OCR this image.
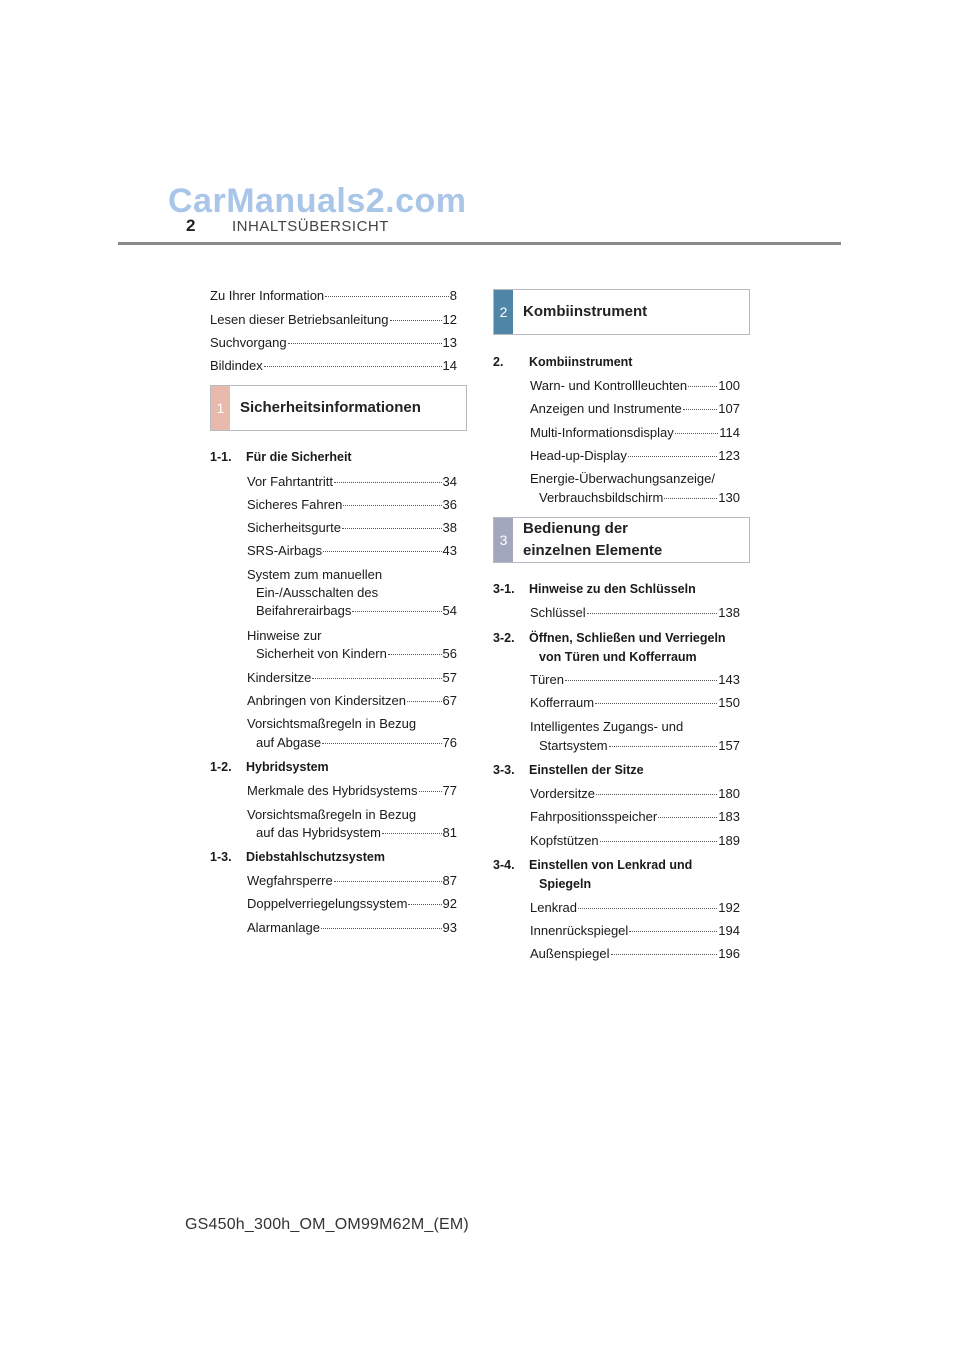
CarManuals2.com
2 INHALTSÜBERSICHT
Zu Ihrer Information	8
Lesen dieser Betriebsanleitung	12
Suchvorgang	13
Bildindex	14
1	Sicherheitsinformationen
1-1. Für die Sicherheit
Vor Fahrtantritt	34
Sicheres Fahren	36
Sicherheitsgurte	38
SRS-Airbags	43
System zum manuellen
Ein-/Ausschalten des
Beifahrerairbags	54
Hinweise zur
Sicherheit von Kindern	56
Kindersitze	57
Anbringen von Kindersitzen	67
Vorsichtsmaßregeln in Bezug
auf Abgase	76
1-2. Hybridsystem
Merkmale des Hybridsystems 77
Vorsichtsmaßregeln in Bezug
auf das Hybridsystem	81
1-3. Diebstahlschutzsystem
Wegfahrsperre	87
Doppelverriegelungssystem	92
Alarmanlage	93
2	Kombiinstrument
2. Kombiinstrument
Warn- und Kontrollleuchten 100
Anzeigen und Instrumente	107
Multi-Informationsdisplay	114
Head-up-Display	123
Energie-Überwachungsanzeige/
Verbrauchsbildschirm	130
3
Bedienung der
einzelnen Elemente
3-1. Hinweise zu den Schlüsseln
Schlüssel	138
3-2. Öffnen, Schließen und Verriegeln
von Türen und Kofferraum
Türen	143
Kofferraum	150
Intelligentes Zugangs- und
Startsystem	157
3-3. Einstellen der Sitze
Vordersitze	180
Fahrpositionsspeicher	183
Kopfstützen	189
3-4. Einstellen von Lenkrad und
Spiegeln
Lenkrad	192
Innenrückspiegel	194
Außenspiegel	196
GS450h_300h_OM_OM99M62M_(EM)
